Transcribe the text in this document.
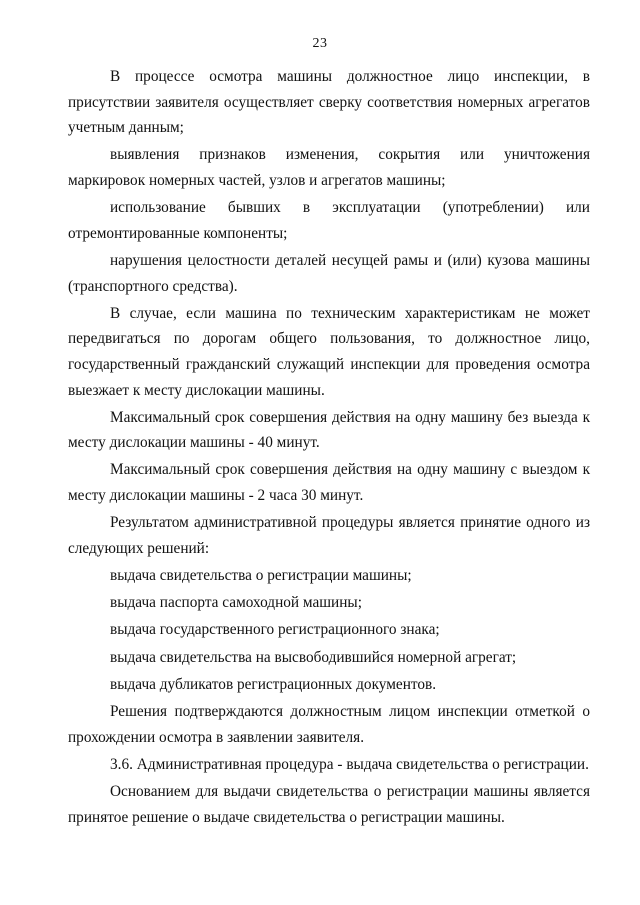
23

В процессе осмотра машины должностное лицо инспекции, в присутствии заявителя осуществляет сверку соответствия номерных агрегатов учетным данным;

выявления признаков изменения, сокрытия или уничтожения маркировок номерных частей, узлов и агрегатов машины;

использование бывших в эксплуатации (употреблении) или отремонтированные компоненты;

нарушения целостности деталей несущей рамы и (или) кузова машины (транспортного средства).

В случае, если машина по техническим характеристикам не может передвигаться по дорогам общего пользования, то должностное лицо, государственный гражданский служащий инспекции для проведения осмотра выезжает к месту дислокации машины.

Максимальный срок совершения действия на одну машину без выезда к месту дислокации машины - 40 минут.

Максимальный срок совершения действия на одну машину с выездом к месту дислокации машины - 2 часа 30 минут.

Результатом административной процедуры является принятие одного из следующих решений:

выдача свидетельства о регистрации машины;

выдача паспорта самоходной машины;

выдача государственного регистрационного знака;

выдача свидетельства на высвободившийся номерной агрегат;

выдача дубликатов регистрационных документов.

Решения подтверждаются должностным лицом инспекции отметкой о прохождении осмотра в заявлении заявителя.

3.6. Административная процедура - выдача свидетельства о регистрации.

Основанием для выдачи свидетельства о регистрации машины является принятое решение о выдаче свидетельства о регистрации машины.
